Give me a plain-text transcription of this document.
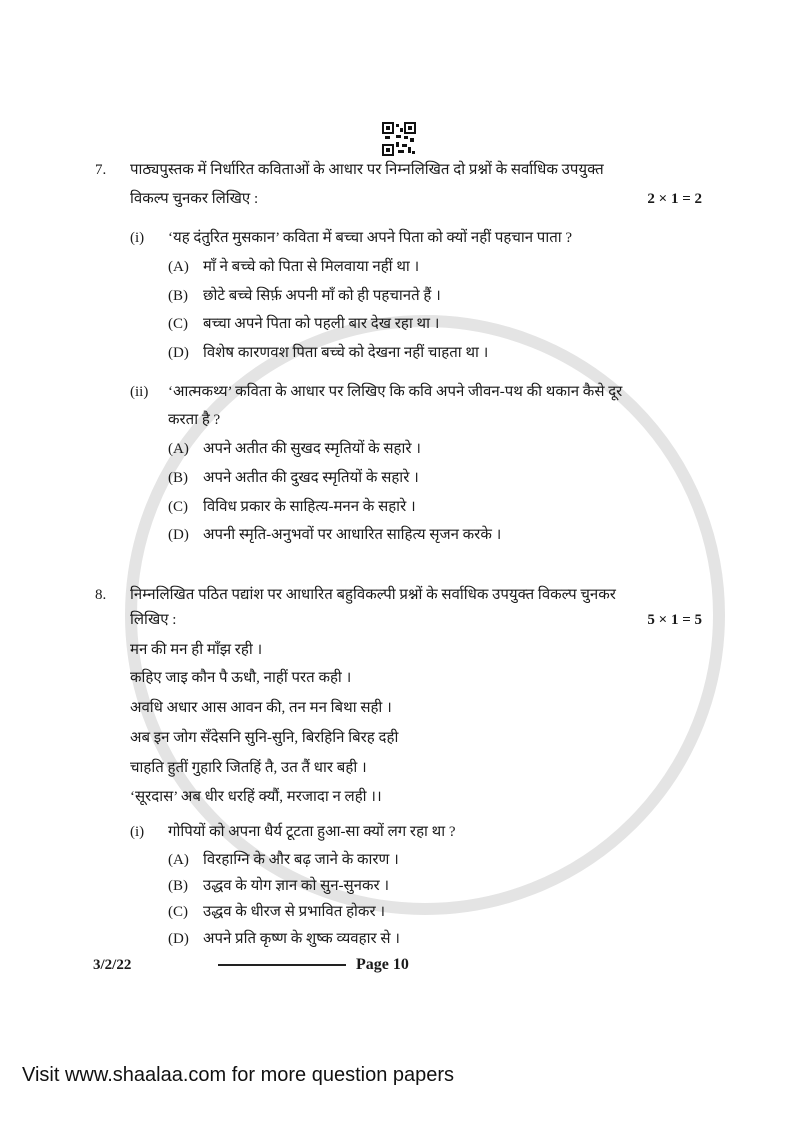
7. पाठ्यपुस्तक में निर्धारित कविताओं के आधार पर निम्नलिखित दो प्रश्नों के सर्वाधिक उपयुक्त
विकल्प चुनकर लिखिए :	2 × 1 = 2
(i) ‘यह दंतुरित मुसकान’ कविता में बच्चा अपने पिता को क्यों नहीं पहचान पाता ?
(A) माँ ने बच्चे को पिता से मिलवाया नहीं था ।
(B) छोटे बच्चे सिर्फ़ अपनी माँ को ही पहचानते हैं ।
(C) बच्चा अपने पिता को पहली बार देख रहा था ।
(D) विशेष कारणवश पिता बच्चे को देखना नहीं चाहता था ।
(ii) ‘आत्मकथ्य’ कविता के आधार पर लिखिए कि कवि अपने जीवन-पथ की थकान कैसे दूर
करता है ?
(A) अपने अतीत की सुखद स्मृतियों के सहारे ।
(B) अपने अतीत की दुखद स्मृतियों के सहारे ।
(C) विविध प्रकार के साहित्य-मनन के सहारे ।
(D) अपनी स्मृति-अनुभवों पर आधारित साहित्य सृजन करके ।
8. निम्नलिखित पठित पद्यांश पर आधारित बहुविकल्पी प्रश्नों के सर्वाधिक उपयुक्त विकल्प चुनकर
लिखिए :	5 × 1 = 5
मन की मन ही माँझ रही ।
कहिए जाइ कौन पै ऊधौ, नाहीं परत कही ।
अवधि अधार आस आवन की, तन मन बिथा सही ।
अब इन जोग सँदेसनि सुनि-सुनि, बिरहिनि बिरह दही
चाहति हुतीं गुहारि जितहिं तै, उत तैं धार बही ।
‘सूरदास’ अब धीर धरहिं क्यौं, मरजादा न लही ।।
(i) गोपियों को अपना धैर्य टूटता हुआ-सा क्यों लग रहा था ?
(A) विरहाग्नि के और बढ़ जाने के कारण ।
(B) उद्धव के योग ज्ञान को सुन-सुनकर ।
(C) उद्धव के धीरज से प्रभावित होकर ।
(D) अपने प्रति कृष्ण के शुष्क व्यवहार से ।
3/2/22	Page 10
Visit www.shaalaa.com for more question papers
